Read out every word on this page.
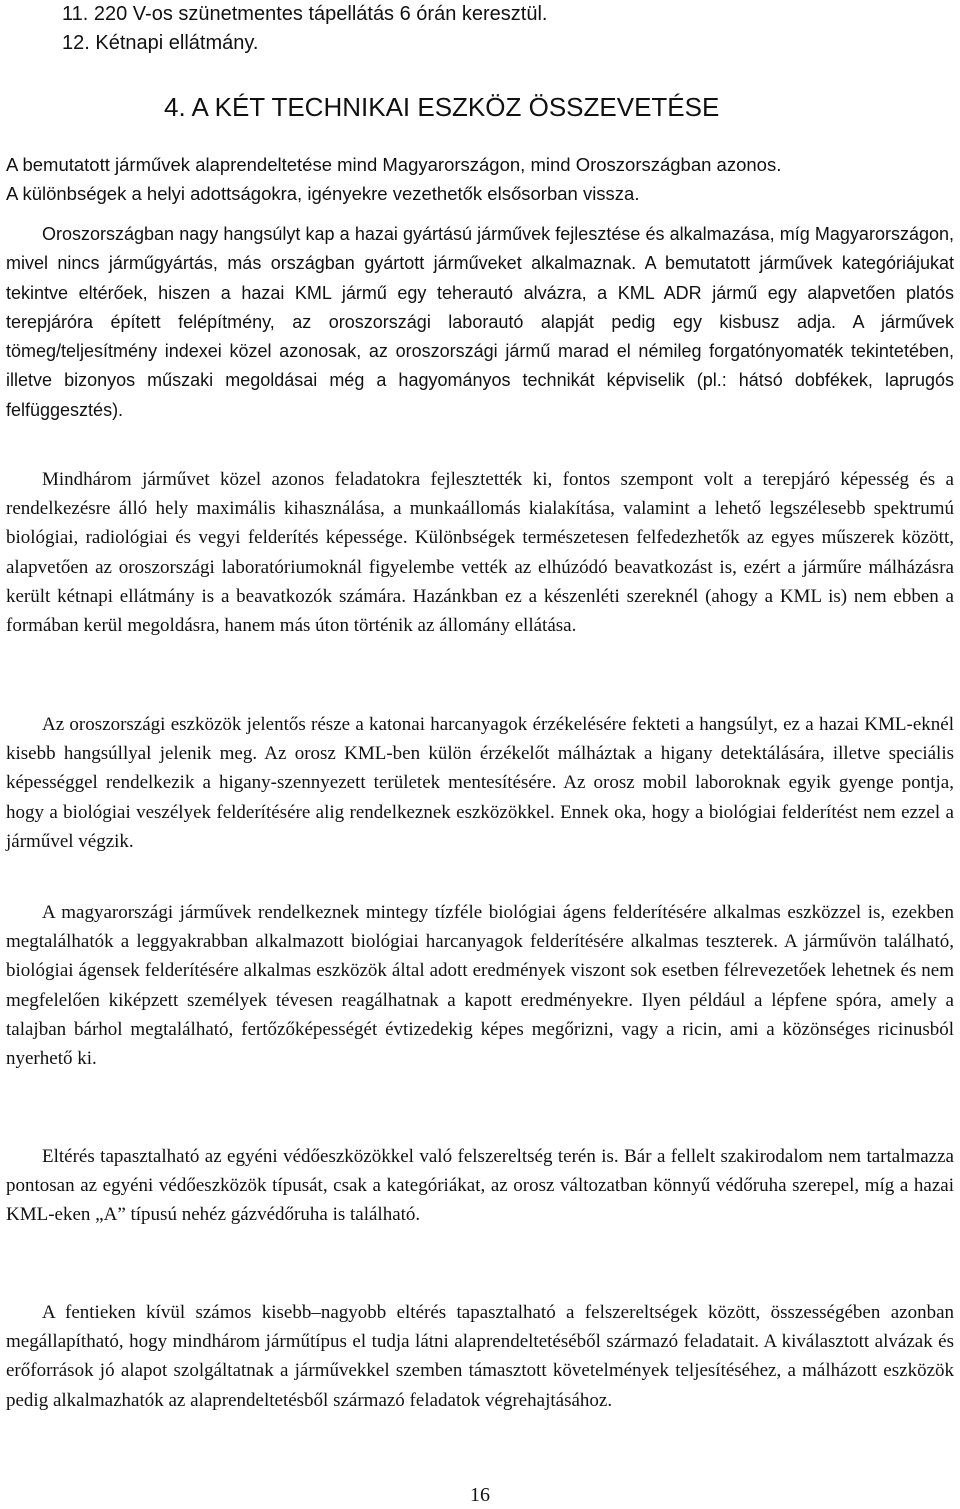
11. 220 V-os szünetmentes tápellátás 6 órán keresztül.
12. Kétnapi ellátmány.
4. A KÉT TECHNIKAI ESZKÖZ ÖSSZEVETÉSE
A bemutatott járművek alaprendeltetése mind Magyarországon, mind Oroszországban azonos.
A különbségek a helyi adottságokra, igényekre vezethetők elsősorban vissza.

Oroszországban nagy hangsúlyt kap a hazai gyártású járművek fejlesztése és alkalmazása, míg Magyarországon, mivel nincs járműgyártás, más országban gyártott járműveket alkalmaznak. A bemutatott járművek kategóriájukat tekintve eltérőek, hiszen a hazai KML jármű egy teherautó alvázra, a KML ADR jármű egy alapvetően platós terepjáróra épített felépítmény, az oroszországi laborautó alapját pedig egy kisbusz adja. A járművek tömeg/teljesítmény indexei közel azonosak, az oroszországi jármű marad el némileg forgatónyomaték tekintetében, illetve bizonyos műszaki megoldásai még a hagyományos technikát képviselik (pl.: hátsó dobfékek, laprugós felfüggesztés).

Mindhárom járművet közel azonos feladatokra fejlesztették ki, fontos szempont volt a terepjáró képesség és a rendelkezésre álló hely maximális kihasználása, a munkaállomás kialakítása, valamint a lehető legszélesebb spektrumú biológiai, radiológiai és vegyi felderítés képessége. Különbségek természetesen felfedezhetők az egyes műszerek között, alapvetően az oroszországi laboratóriumoknál figyelembe vették az elhúzódó beavatkozást is, ezért a járműre málházásra került kétnapi ellátmány is a beavatkozók számára. Hazánkban ez a készenléti szereknél (ahogy a KML is) nem ebben a formában kerül megoldásra, hanem más úton történik az állomány ellátása.

Az oroszországi eszközök jelentős része a katonai harcanyagok érzékelésére fekteti a hangsúlyt, ez a hazai KML-eknél kisebb hangsúllyal jelenik meg. Az orosz KML-ben külön érzékelőt málháztak a higany detektálására, illetve speciális képességgel rendelkezik a higany-szennyezett területek mentesítésére. Az orosz mobil laboroknak egyik gyenge pontja, hogy a biológiai veszélyek felderítésére alig rendelkeznek eszközökkel. Ennek oka, hogy a biológiai felderítést nem ezzel a járművel végzik.

A magyarországi járművek rendelkeznek mintegy tízféle biológiai ágens felderítésére alkalmas eszközzel is, ezekben megtalálhatók a leggyakrabban alkalmazott biológiai harcanyagok felderítésére alkalmas teszterek. A járművön található, biológiai ágensek felderítésére alkalmas eszközök által adott eredmények viszont sok esetben félrevezetőek lehetnek és nem megfelelően kiképzett személyek tévesen reagálhatnak a kapott eredményekre. Ilyen például a lépfene spóra, amely a talajban bárhol megtalálható, fertőzőképességét évtizedekig képes megőrizni, vagy a ricin, ami a közönséges ricinusból nyerhető ki.

Eltérés tapasztalható az egyéni védőeszközökkel való felszereltség terén is. Bár a fellelt szakirodalom nem tartalmazza pontosan az egyéni védőeszközök típusát, csak a kategóriákat, az orosz változatban könnyű védőruha szerepel, míg a hazai KML-eken „A” típusú nehéz gázvédőruha is található.

A fentieken kívül számos kisebb–nagyobb eltérés tapasztalható a felszereltségek között, összességében azonban megállapítható, hogy mindhárom járműtípus el tudja látni alaprendeltetéséből származó feladatait. A kiválasztott alvázak és erőforrások jó alapot szolgáltatnak a járművekkel szemben támasztott követelmények teljesítéséhez, a málházott eszközök pedig alkalmazhatók az alaprendeltetésből származó feladatok végrehajtásához.

16
